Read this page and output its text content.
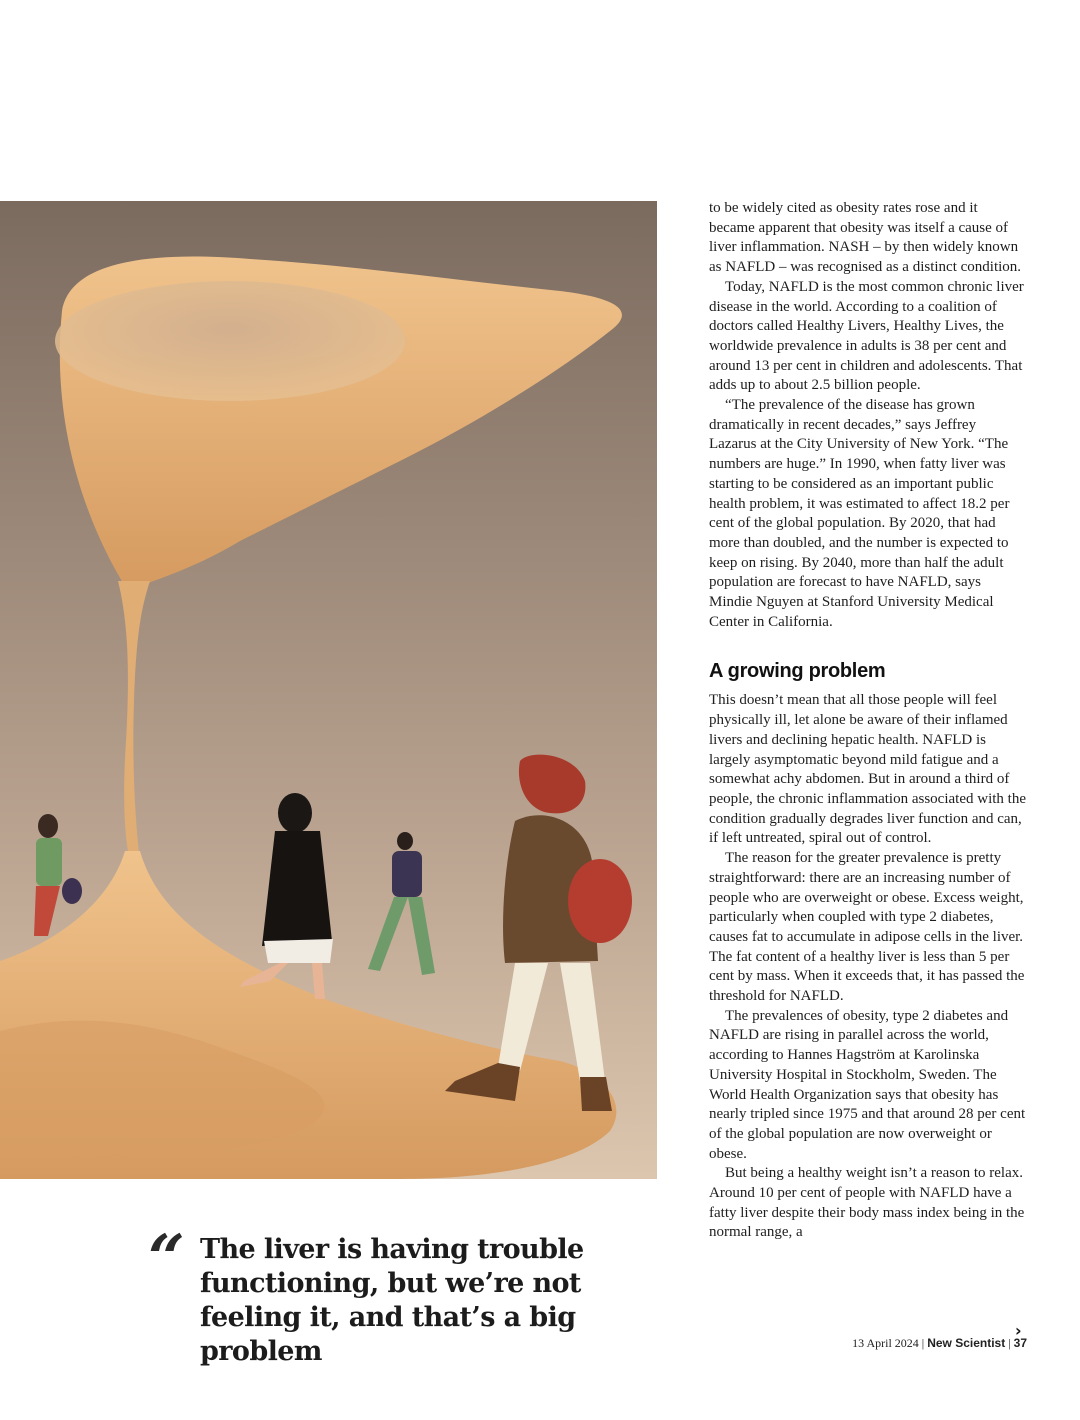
to be widely cited as obesity rates rose and it became apparent that obesity was itself a cause of liver inflammation. NASH – by then widely known as NAFLD – was recognised as a distinct condition.

Today, NAFLD is the most common chronic liver disease in the world. According to a coalition of doctors called Healthy Livers, Healthy Lives, the worldwide prevalence in adults is 38 per cent and around 13 per cent in children and adolescents. That adds up to about 2.5 billion people.

“The prevalence of the disease has grown dramatically in recent decades,” says Jeffrey Lazarus at the City University of New York. “The numbers are huge.” In 1990, when fatty liver was starting to be considered as an important public health problem, it was estimated to affect 18.2 per cent of the global population. By 2020, that had more than doubled, and the number is expected to keep on rising. By 2040, more than half the adult population are forecast to have NAFLD, says Mindie Nguyen at Stanford University Medical Center in California.

A growing problem

This doesn’t mean that all those people will feel physically ill, let alone be aware of their inflamed livers and declining hepatic health. NAFLD is largely asymptomatic beyond mild fatigue and a somewhat achy abdomen. But in around a third of people, the chronic inflammation associated with the condition gradually degrades liver function and can, if left untreated, spiral out of control.

The reason for the greater prevalence is pretty straightforward: there are an increasing number of people who are overweight or obese. Excess weight, particularly when coupled with type 2 diabetes, causes fat to accumulate in adipose cells in the liver. The fat content of a healthy liver is less than 5 per cent by mass. When it exceeds that, it has passed the threshold for NAFLD.

The prevalences of obesity, type 2 diabetes and NAFLD are rising in parallel across the world, according to Hannes Hagström at Karolinska University Hospital in Stockholm, Sweden. The World Health Organization says that obesity has nearly tripled since 1975 and that around 28 per cent of the global population are now overweight or obese.

But being a healthy weight isn’t a reason to relax. Around 10 per cent of people with NAFLD have a fatty liver despite their body mass index being in the normal range, a

“ The liver is having trouble functioning, but we’re not feeling it, and that’s a big problem
›
13 April 2024 | New Scientist | 37
